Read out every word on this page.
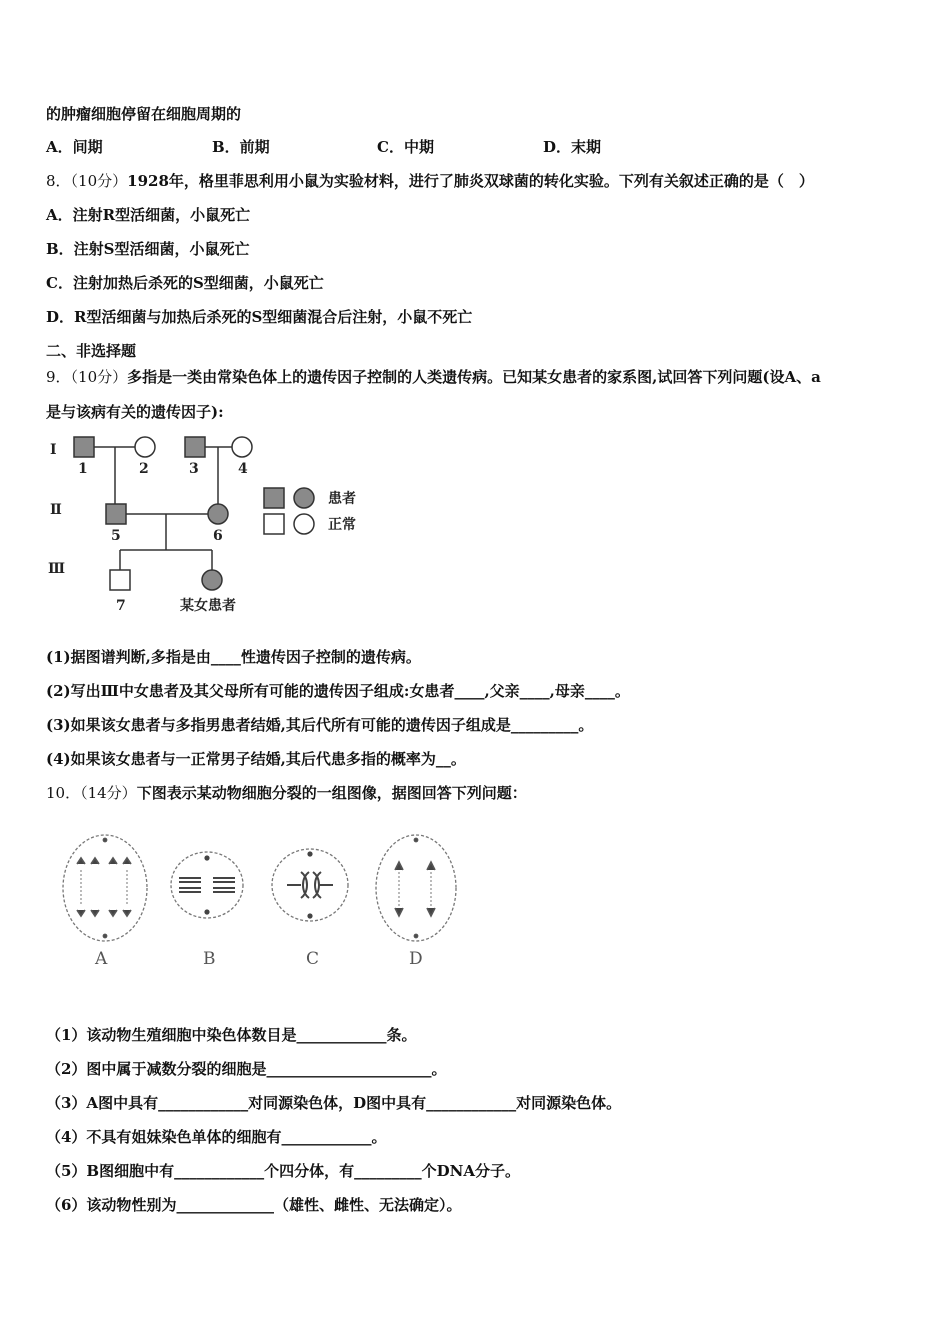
的肿瘤细胞停留在细胞周期的
A．间期	B．前期	C．中期	D．末期
8．（10分）1928年，格里菲思利用小鼠为实验材料，进行了肺炎双球菌的转化实验。下列有关叙述正确的是（　）
A．注射R型活细菌，小鼠死亡
B．注射S型活细菌，小鼠死亡
C．注射加热后杀死的S型细菌，小鼠死亡
D．R型活细菌与加热后杀死的S型细菌混合后注射，小鼠不死亡
二、非选择题
9．（10分）多指是一类由常染色体上的遗传因子控制的人类遗传病。已知某女患者的家系图,试回答下列问题(设A、a
是与该病有关的遗传因子):
Ⅰ
Ⅱ
Ⅲ
1	2	3	4
5	6
7	某女患者
患者
正常
(1)据图谱判断,多指是由____性遗传因子控制的遗传病。
(2)写出Ⅲ中女患者及其父母所有可能的遗传因子组成:女患者____,父亲____,母亲____。
(3)如果该女患者与多指男患者结婚,其后代所有可能的遗传因子组成是_________。
(4)如果该女患者与一正常男子结婚,其后代患多指的概率为__。
10．（14分）下图表示某动物细胞分裂的一组图像，据图回答下列问题：
A	B	C	D
（1）该动物生殖细胞中染色体数目是____________条。
（2）图中属于减数分裂的细胞是______________________。
（3）A图中具有____________对同源染色体，D图中具有____________对同源染色体。
（4）不具有姐妹染色单体的细胞有____________。
（5）B图细胞中有____________个四分体，有_________个DNA分子。
（6）该动物性别为_____________（雄性、雌性、无法确定）。
